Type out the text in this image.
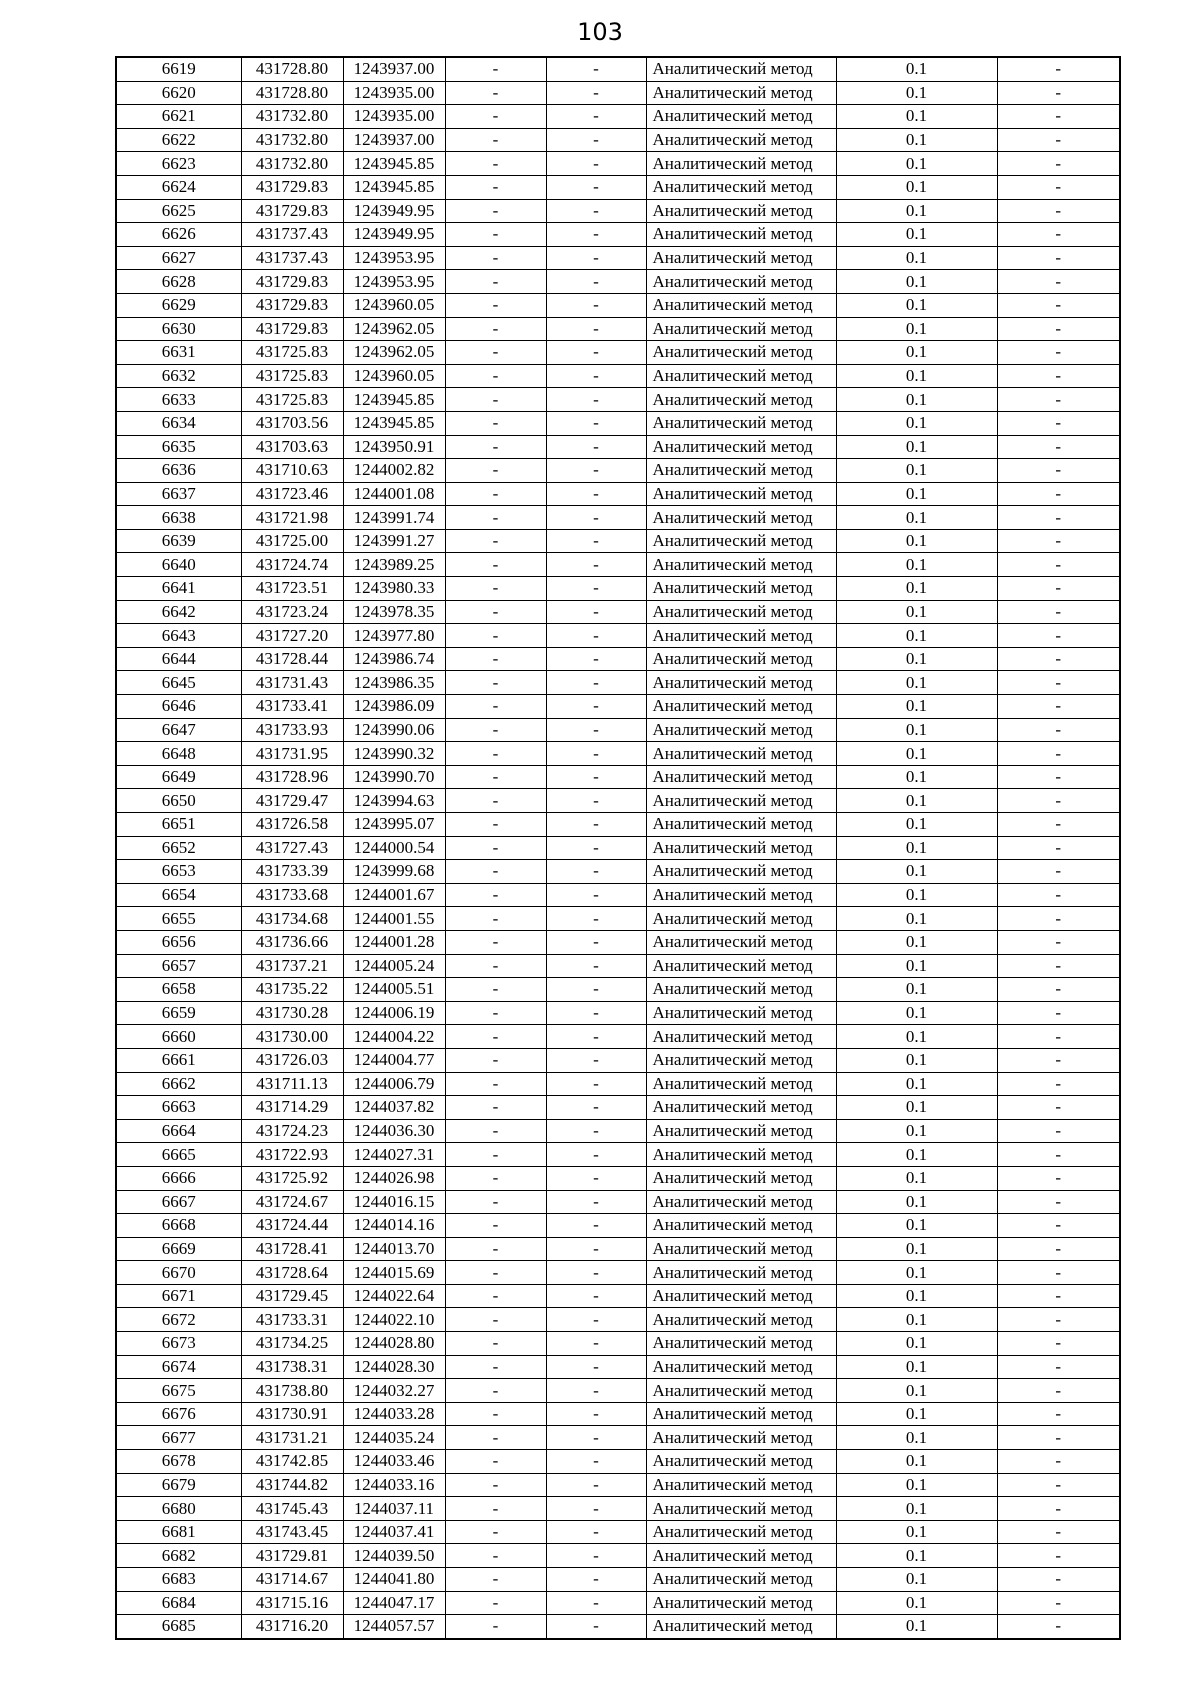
103
6619	431728.80	1243937.00	-	-	Аналитический метод	0.1	-
6620	431728.80	1243935.00	-	-	Аналитический метод	0.1	-
6621	431732.80	1243935.00	-	-	Аналитический метод	0.1	-
6622	431732.80	1243937.00	-	-	Аналитический метод	0.1	-
6623	431732.80	1243945.85	-	-	Аналитический метод	0.1	-
6624	431729.83	1243945.85	-	-	Аналитический метод	0.1	-
6625	431729.83	1243949.95	-	-	Аналитический метод	0.1	-
6626	431737.43	1243949.95	-	-	Аналитический метод	0.1	-
6627	431737.43	1243953.95	-	-	Аналитический метод	0.1	-
6628	431729.83	1243953.95	-	-	Аналитический метод	0.1	-
6629	431729.83	1243960.05	-	-	Аналитический метод	0.1	-
6630	431729.83	1243962.05	-	-	Аналитический метод	0.1	-
6631	431725.83	1243962.05	-	-	Аналитический метод	0.1	-
6632	431725.83	1243960.05	-	-	Аналитический метод	0.1	-
6633	431725.83	1243945.85	-	-	Аналитический метод	0.1	-
6634	431703.56	1243945.85	-	-	Аналитический метод	0.1	-
6635	431703.63	1243950.91	-	-	Аналитический метод	0.1	-
6636	431710.63	1244002.82	-	-	Аналитический метод	0.1	-
6637	431723.46	1244001.08	-	-	Аналитический метод	0.1	-
6638	431721.98	1243991.74	-	-	Аналитический метод	0.1	-
6639	431725.00	1243991.27	-	-	Аналитический метод	0.1	-
6640	431724.74	1243989.25	-	-	Аналитический метод	0.1	-
6641	431723.51	1243980.33	-	-	Аналитический метод	0.1	-
6642	431723.24	1243978.35	-	-	Аналитический метод	0.1	-
6643	431727.20	1243977.80	-	-	Аналитический метод	0.1	-
6644	431728.44	1243986.74	-	-	Аналитический метод	0.1	-
6645	431731.43	1243986.35	-	-	Аналитический метод	0.1	-
6646	431733.41	1243986.09	-	-	Аналитический метод	0.1	-
6647	431733.93	1243990.06	-	-	Аналитический метод	0.1	-
6648	431731.95	1243990.32	-	-	Аналитический метод	0.1	-
6649	431728.96	1243990.70	-	-	Аналитический метод	0.1	-
6650	431729.47	1243994.63	-	-	Аналитический метод	0.1	-
6651	431726.58	1243995.07	-	-	Аналитический метод	0.1	-
6652	431727.43	1244000.54	-	-	Аналитический метод	0.1	-
6653	431733.39	1243999.68	-	-	Аналитический метод	0.1	-
6654	431733.68	1244001.67	-	-	Аналитический метод	0.1	-
6655	431734.68	1244001.55	-	-	Аналитический метод	0.1	-
6656	431736.66	1244001.28	-	-	Аналитический метод	0.1	-
6657	431737.21	1244005.24	-	-	Аналитический метод	0.1	-
6658	431735.22	1244005.51	-	-	Аналитический метод	0.1	-
6659	431730.28	1244006.19	-	-	Аналитический метод	0.1	-
6660	431730.00	1244004.22	-	-	Аналитический метод	0.1	-
6661	431726.03	1244004.77	-	-	Аналитический метод	0.1	-
6662	431711.13	1244006.79	-	-	Аналитический метод	0.1	-
6663	431714.29	1244037.82	-	-	Аналитический метод	0.1	-
6664	431724.23	1244036.30	-	-	Аналитический метод	0.1	-
6665	431722.93	1244027.31	-	-	Аналитический метод	0.1	-
6666	431725.92	1244026.98	-	-	Аналитический метод	0.1	-
6667	431724.67	1244016.15	-	-	Аналитический метод	0.1	-
6668	431724.44	1244014.16	-	-	Аналитический метод	0.1	-
6669	431728.41	1244013.70	-	-	Аналитический метод	0.1	-
6670	431728.64	1244015.69	-	-	Аналитический метод	0.1	-
6671	431729.45	1244022.64	-	-	Аналитический метод	0.1	-
6672	431733.31	1244022.10	-	-	Аналитический метод	0.1	-
6673	431734.25	1244028.80	-	-	Аналитический метод	0.1	-
6674	431738.31	1244028.30	-	-	Аналитический метод	0.1	-
6675	431738.80	1244032.27	-	-	Аналитический метод	0.1	-
6676	431730.91	1244033.28	-	-	Аналитический метод	0.1	-
6677	431731.21	1244035.24	-	-	Аналитический метод	0.1	-
6678	431742.85	1244033.46	-	-	Аналитический метод	0.1	-
6679	431744.82	1244033.16	-	-	Аналитический метод	0.1	-
6680	431745.43	1244037.11	-	-	Аналитический метод	0.1	-
6681	431743.45	1244037.41	-	-	Аналитический метод	0.1	-
6682	431729.81	1244039.50	-	-	Аналитический метод	0.1	-
6683	431714.67	1244041.80	-	-	Аналитический метод	0.1	-
6684	431715.16	1244047.17	-	-	Аналитический метод	0.1	-
6685	431716.20	1244057.57	-	-	Аналитический метод	0.1	-
